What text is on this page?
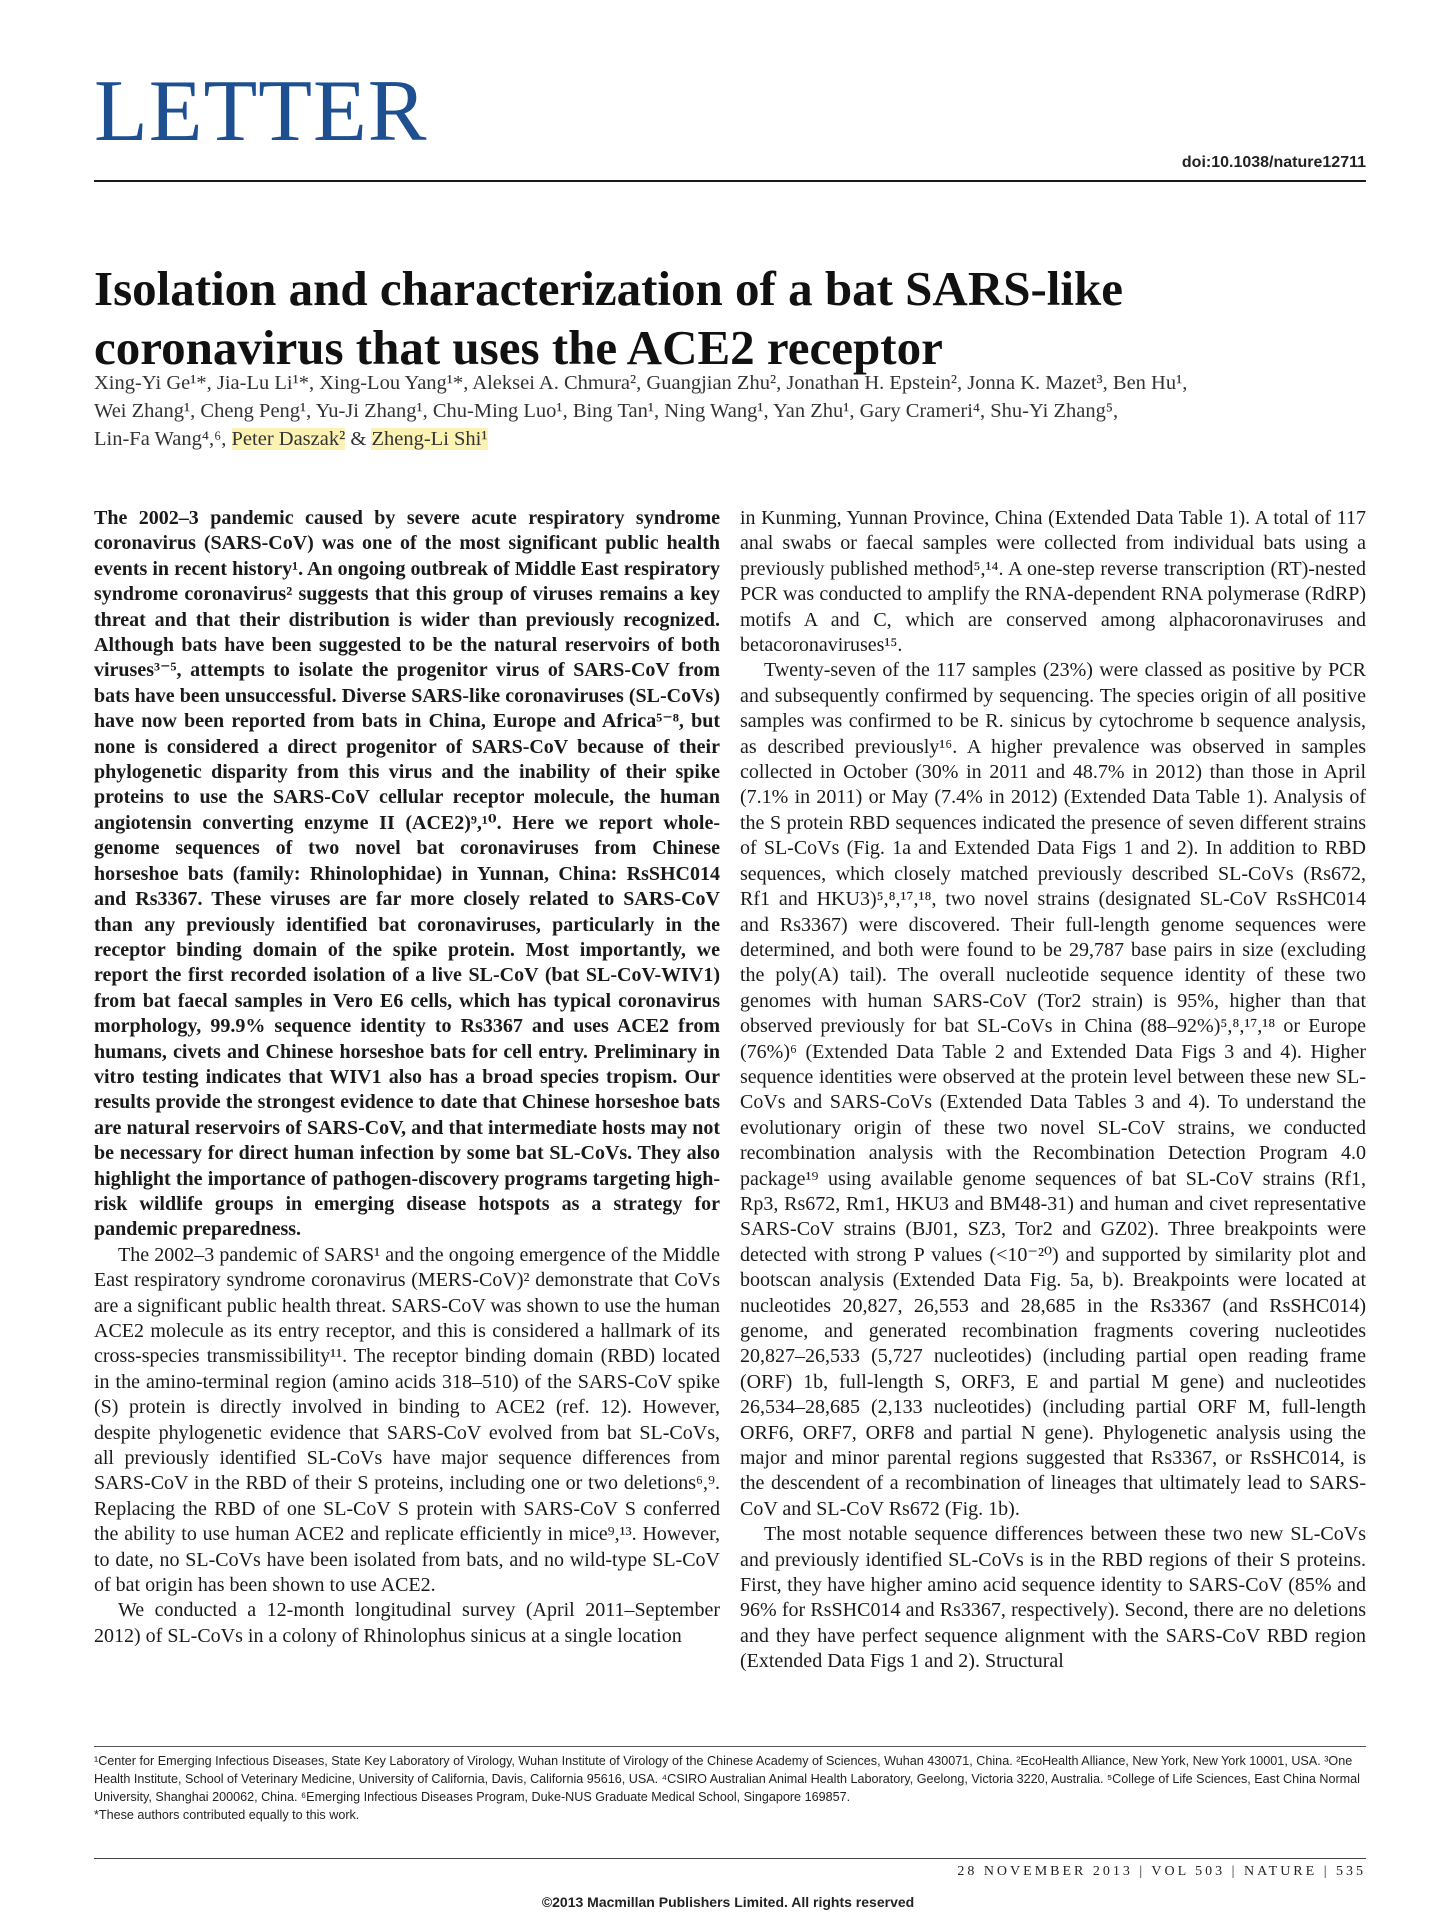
LETTER
doi:10.1038/nature12711
Isolation and characterization of a bat SARS-like coronavirus that uses the ACE2 receptor
Xing-Yi Ge¹*, Jia-Lu Li¹*, Xing-Lou Yang¹*, Aleksei A. Chmura², Guangjian Zhu², Jonathan H. Epstein², Jonna K. Mazet³, Ben Hu¹,
Wei Zhang¹, Cheng Peng¹, Yu-Ji Zhang¹, Chu-Ming Luo¹, Bing Tan¹, Ning Wang¹, Yan Zhu¹, Gary Crameri⁴, Shu-Yi Zhang⁵,
Lin-Fa Wang⁴,⁶, Peter Daszak² & Zheng-Li Shi¹

The 2002–3 pandemic caused by severe acute respiratory syndrome coronavirus (SARS-CoV) was one of the most significant public health events in recent history¹. An ongoing outbreak of Middle East respiratory syndrome coronavirus² suggests that this group of viruses remains a key threat and that their distribution is wider than previously recognized. Although bats have been suggested to be the natural reservoirs of both viruses³⁻⁵, attempts to isolate the progenitor virus of SARS-CoV from bats have been unsuccessful. Diverse SARS-like coronaviruses (SL-CoVs) have now been reported from bats in China, Europe and Africa⁵⁻⁸, but none is considered a direct progenitor of SARS-CoV because of their phylogenetic disparity from this virus and the inability of their spike proteins to use the SARS-CoV cellular receptor molecule, the human angiotensin converting enzyme II (ACE2)⁹,¹⁰. Here we report whole-genome sequences of two novel bat coronaviruses from Chinese horseshoe bats (family: Rhinolophidae) in Yunnan, China: RsSHC014 and Rs3367. These viruses are far more closely related to SARS-CoV than any previously identified bat coronaviruses, particularly in the receptor binding domain of the spike protein. Most importantly, we report the first recorded isolation of a live SL-CoV (bat SL-CoV-WIV1) from bat faecal samples in Vero E6 cells, which has typical coronavirus morphology, 99.9% sequence identity to Rs3367 and uses ACE2 from humans, civets and Chinese horseshoe bats for cell entry. Preliminary in vitro testing indicates that WIV1 also has a broad species tropism. Our results provide the strongest evidence to date that Chinese horseshoe bats are natural reservoirs of SARS-CoV, and that intermediate hosts may not be necessary for direct human infection by some bat SL-CoVs. They also highlight the importance of pathogen-discovery programs targeting high-risk wildlife groups in emerging disease hotspots as a strategy for pandemic preparedness.

The 2002–3 pandemic of SARS¹ and the ongoing emergence of the Middle East respiratory syndrome coronavirus (MERS-CoV)² demonstrate that CoVs are a significant public health threat. SARS-CoV was shown to use the human ACE2 molecule as its entry receptor, and this is considered a hallmark of its cross-species transmissibility¹¹. The receptor binding domain (RBD) located in the amino-terminal region (amino acids 318–510) of the SARS-CoV spike (S) protein is directly involved in binding to ACE2 (ref. 12). However, despite phylogenetic evidence that SARS-CoV evolved from bat SL-CoVs, all previously identified SL-CoVs have major sequence differences from SARS-CoV in the RBD of their S proteins, including one or two deletions⁶,⁹. Replacing the RBD of one SL-CoV S protein with SARS-CoV S conferred the ability to use human ACE2 and replicate efficiently in mice⁹,¹³. However, to date, no SL-CoVs have been isolated from bats, and no wild-type SL-CoV of bat origin has been shown to use ACE2.

We conducted a 12-month longitudinal survey (April 2011–September 2012) of SL-CoVs in a colony of Rhinolophus sinicus at a single location

in Kunming, Yunnan Province, China (Extended Data Table 1). A total of 117 anal swabs or faecal samples were collected from individual bats using a previously published method⁵,¹⁴. A one-step reverse transcription (RT)-nested PCR was conducted to amplify the RNA-dependent RNA polymerase (RdRP) motifs A and C, which are conserved among alphacoronaviruses and betacoronaviruses¹⁵.

Twenty-seven of the 117 samples (23%) were classed as positive by PCR and subsequently confirmed by sequencing. The species origin of all positive samples was confirmed to be R. sinicus by cytochrome b sequence analysis, as described previously¹⁶. A higher prevalence was observed in samples collected in October (30% in 2011 and 48.7% in 2012) than those in April (7.1% in 2011) or May (7.4% in 2012) (Extended Data Table 1). Analysis of the S protein RBD sequences indicated the presence of seven different strains of SL-CoVs (Fig. 1a and Extended Data Figs 1 and 2). In addition to RBD sequences, which closely matched previously described SL-CoVs (Rs672, Rf1 and HKU3)⁵,⁸,¹⁷,¹⁸, two novel strains (designated SL-CoV RsSHC014 and Rs3367) were discovered. Their full-length genome sequences were determined, and both were found to be 29,787 base pairs in size (excluding the poly(A) tail). The overall nucleotide sequence identity of these two genomes with human SARS-CoV (Tor2 strain) is 95%, higher than that observed previously for bat SL-CoVs in China (88–92%)⁵,⁸,¹⁷,¹⁸ or Europe (76%)⁶ (Extended Data Table 2 and Extended Data Figs 3 and 4). Higher sequence identities were observed at the protein level between these new SL-CoVs and SARS-CoVs (Extended Data Tables 3 and 4). To understand the evolutionary origin of these two novel SL-CoV strains, we conducted recombination analysis with the Recombination Detection Program 4.0 package¹⁹ using available genome sequences of bat SL-CoV strains (Rf1, Rp3, Rs672, Rm1, HKU3 and BM48-31) and human and civet representative SARS-CoV strains (BJ01, SZ3, Tor2 and GZ02). Three breakpoints were detected with strong P values (<10⁻²⁰) and supported by similarity plot and bootscan analysis (Extended Data Fig. 5a, b). Breakpoints were located at nucleotides 20,827, 26,553 and 28,685 in the Rs3367 (and RsSHC014) genome, and generated recombination fragments covering nucleotides 20,827–26,533 (5,727 nucleotides) (including partial open reading frame (ORF) 1b, full-length S, ORF3, E and partial M gene) and nucleotides 26,534–28,685 (2,133 nucleotides) (including partial ORF M, full-length ORF6, ORF7, ORF8 and partial N gene). Phylogenetic analysis using the major and minor parental regions suggested that Rs3367, or RsSHC014, is the descendent of a recombination of lineages that ultimately lead to SARS-CoV and SL-CoV Rs672 (Fig. 1b).

The most notable sequence differences between these two new SL-CoVs and previously identified SL-CoVs is in the RBD regions of their S proteins. First, they have higher amino acid sequence identity to SARS-CoV (85% and 96% for RsSHC014 and Rs3367, respectively). Second, there are no deletions and they have perfect sequence alignment with the SARS-CoV RBD region (Extended Data Figs 1 and 2). Structural

¹Center for Emerging Infectious Diseases, State Key Laboratory of Virology, Wuhan Institute of Virology of the Chinese Academy of Sciences, Wuhan 430071, China. ²EcoHealth Alliance, New York, New York 10001, USA. ³One Health Institute, School of Veterinary Medicine, University of California, Davis, California 95616, USA. ⁴CSIRO Australian Animal Health Laboratory, Geelong, Victoria 3220, Australia. ⁵College of Life Sciences, East China Normal University, Shanghai 200062, China. ⁶Emerging Infectious Diseases Program, Duke-NUS Graduate Medical School, Singapore 169857.

*These authors contributed equally to this work.

28 NOVEMBER 2013 | VOL 503 | NATURE | 535
©2013 Macmillan Publishers Limited. All rights reserved
